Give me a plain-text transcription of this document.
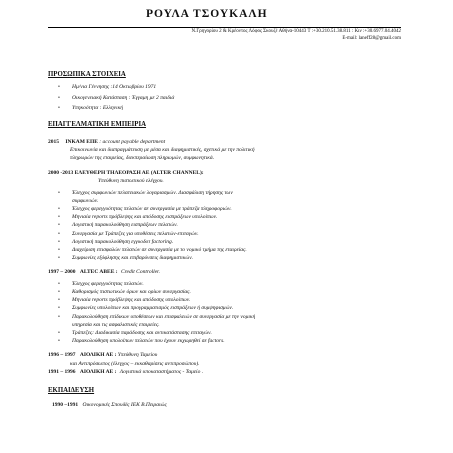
ΡΟΥΛΑ ΤΣΟΥΚΑΛΗ
Ν.Γρηγορίου 2 & Κρέοντος Λόφος Σκουζέ Αθήνα-10443 Τ :+30.210.51.38.811 : Κιν :+30.6977.04.4042
E-mail: laneff28@gmail.com
ΠΡΟΣΩΠΙΚΑ ΣΤΟΙΧΕΙΑ
• Ημ/νια Γέννησης :14 Οκτωβρίου 1971
• Οικογενειακή Κατάσταση : Έγγαμη με 2 παιδιά
• Υπηκοότητα : Ελληνική
ΕΠΑΓΓΕΛΜΑΤΙΚΗ ΕΜΠΕΙΡΙΑ
2015 INKAM EΠΕ : account payable department
Επικοινωνία και διαπραγμάτευση με μέσα και διαφημιστικές, σχετικά με την πολιτική
πληρωμών της εταιρείας, διεκπεραίωση πληρωμών, συμφωνητικά.
2000 -2013 ΕΛΕΥΘΕΡΗ ΤΗΛΕΟΡΑΣΗ ΑΕ (ALTER CHANNEL):
Υπεύθυνη πιστωτικού ελέγχου.
• Έλεγχος συμφωνιών πελατειακών λογαριασμών. Διασφάλιση τήρησης των
συμφωνιών.
• Έλεγχος φερεγγυότητας πελατών σε συνεργασία με τράπεζα πληροφοριών.
• Μηνιαία reports πρόβλεψης και απόδοσης εισπράξεων υπολοίπων.
• Λογιστική παρακολούθηση εισπράξεων πελατών.
• Συνεργασία με Τράπεζες για υποθέσεις πελατών-επιταγών.
• Λογιστική παρακολούθηση εγγυοδοτ factoring.
• Διαχείριση επισφαλών πελατών σε συνεργασία με το νομικό τμήμα της εταιρείας.
• Συμφωνίες εξόφλησης και επιβαρύνσεις διαφημιστικών.
1997 – 2000 ALTEC ABEE : Credit Controller.
• Έλεγχος φερεγγυότητας πελατών.
• Καθορισμός πιστωτικών όρων και ορίων συνεργασίας.
• Μηνιαία reports πρόβλεψης και απόδοσης υπολοίπων.
• Συμφωνίες υπολοίπων και προγραμματισμός εισπράξεων ή συμψηφισμών.
• Παρακολούθηση επίδικων υποθέσεων και επισφαλειών σε συνεργασία με την νομική
υπηρεσία και τις ασφαλιστικές εταιρείες.
• Τράπεζες: Διαδικασία παράδοσης και αντικατάστασης επιταγών.
• Παρακολούθηση υπολοίπων πελατών που έχουν εκχωρηθεί σε factors.
1996 – 1997 ΑΙΟΛΙΚΗ ΑΕ : Υπεύθυνη Ταμείου
και Αντιπρόσωπος (έλεγχος – εκκαθαρίσεις αντιπροσώπου).
1991 – 1996 ΑΙΟΛΙΚΗ ΑΕ : Λογιστικά υποκαταστήματος - Ταμείο .
ΕΚΠΑΙΔΕΥΣΗ
1990 –1991 Οικονομικές Σπουδές ΙΕΚ Β.Πειραιώς
